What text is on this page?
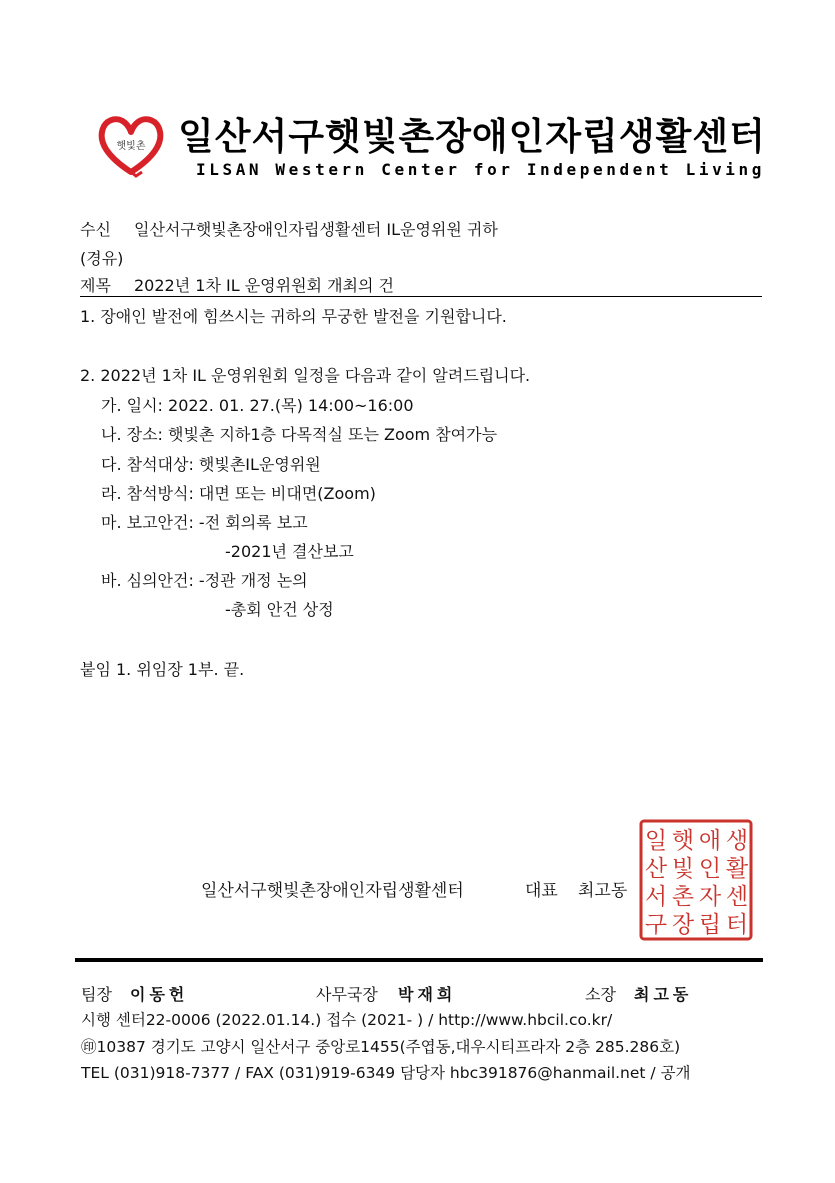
햇빛촌 일산서구햇빛촌장애인자립생활센터
ILSAN Western Center for Independent Living
수신 일산서구햇빛촌장애인자립생활센터 IL운영위원 귀하
(경유)
제목 2022년 1차 IL 운영위원회 개최의 건
1. 장애인 발전에 힘쓰시는 귀하의 무궁한 발전을 기원합니다.
2. 2022년 1차 IL 운영위원회 일정을 다음과 같이 알려드립니다.
가. 일시: 2022. 01. 27.(목) 14:00~16:00
나. 장소: 햇빛촌 지하1층 다목적실 또는 Zoom 참여가능
다. 참석대상: 햇빛촌IL운영위원
라. 참석방식: 대면 또는 비대면(Zoom)
마. 보고안건: -전 회의록 보고
-2021년 결산보고
바. 심의안건: -정관 개정 논의
-총회 안건 상정
붙임 1. 위임장 1부. 끝.
일산서구햇빛촌장애인자립생활센터	대표 최고동
일
산
서
구
햇
빛
촌
장
애
인
자
립
생
활
센
터
팀장 이동헌	사무국장 박재희	소장 최고동
시행 센터22-0006 (2022.01.14.) 접수 (2021- ) / http://www.hbcil.co.kr/
㊞10387 경기도 고양시 일산서구 중앙로1455(주엽동,대우시티프라자 2층 285.286호)
TEL (031)918-7377 / FAX (031)919-6349 담당자 hbc391876@hanmail.net / 공개
